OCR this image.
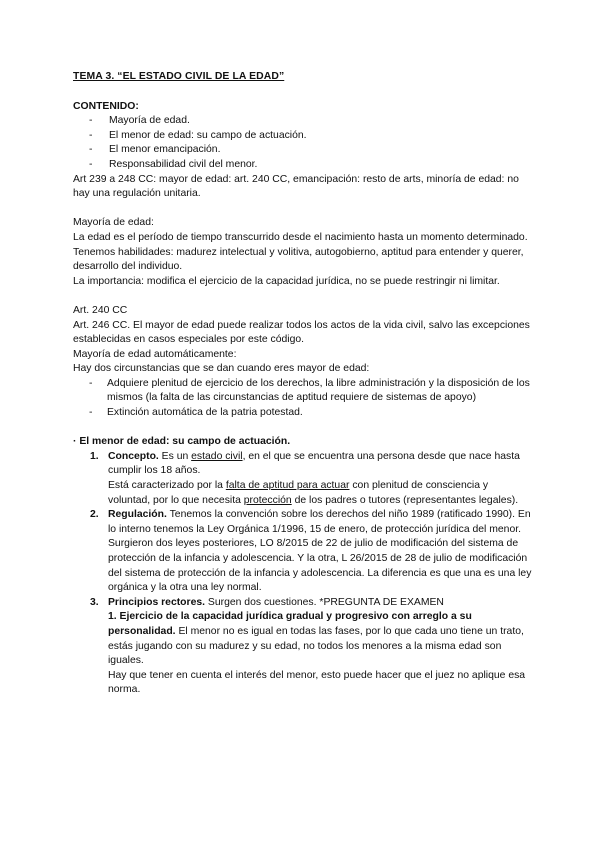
TEMA 3. “EL ESTADO CIVIL DE LA EDAD”
CONTENIDO:
- Mayoría de edad.
- El menor de edad: su campo de actuación.
- El menor emancipación.
- Responsabilidad civil del menor.
Art 239 a 248 CC: mayor de edad: art. 240 CC, emancipación: resto de arts, minoría de edad: no hay una regulación unitaria.
Mayoría de edad:
La edad es el período de tiempo transcurrido desde el nacimiento hasta un momento determinado.
Tenemos habilidades: madurez intelectual y volitiva, autogobierno, aptitud para entender y querer, desarrollo del individuo.
La importancia: modifica el ejercicio de la capacidad jurídica, no se puede restringir ni limitar.
Art. 240 CC
Art. 246 CC. El mayor de edad puede realizar todos los actos de la vida civil, salvo las excepciones establecidas en casos especiales por este código.
Mayoría de edad automáticamente:
Hay dos circunstancias que se dan cuando eres mayor de edad:
- Adquiere plenitud de ejercicio de los derechos, la libre administración y la disposición de los mismos (la falta de las circunstancias de aptitud requiere de sistemas de apoyo)
- Extinción automática de la patria potestad.
· El menor de edad: su campo de actuación.
1. Concepto. Es un estado civil, en el que se encuentra una persona desde que nace hasta cumplir los 18 años.
Está caracterizado por la falta de aptitud para actuar con plenitud de consciencia y voluntad, por lo que necesita protección de los padres o tutores (representantes legales).
2. Regulación. Tenemos la convención sobre los derechos del niño 1989 (ratificado 1990). En lo interno tenemos la Ley Orgánica 1/1996, 15 de enero, de protección jurídica del menor.
Surgieron dos leyes posteriores, LO 8/2015 de 22 de julio de modificación del sistema de protección de la infancia y adolescencia. Y la otra, L 26/2015 de 28 de julio de modificación del sistema de protección de la infancia y adolescencia. La diferencia es que una es una ley orgánica y la otra una ley normal.
3. Principios rectores. Surgen dos cuestiones. *PREGUNTA DE EXAMEN
1. Ejercicio de la capacidad jurídica gradual y progresivo con arreglo a su personalidad. El menor no es igual en todas las fases, por lo que cada uno tiene un trato, estás jugando con su madurez y su edad, no todos los menores a la misma edad son iguales.
Hay que tener en cuenta el interés del menor, esto puede hacer que el juez no aplique esa norma.
